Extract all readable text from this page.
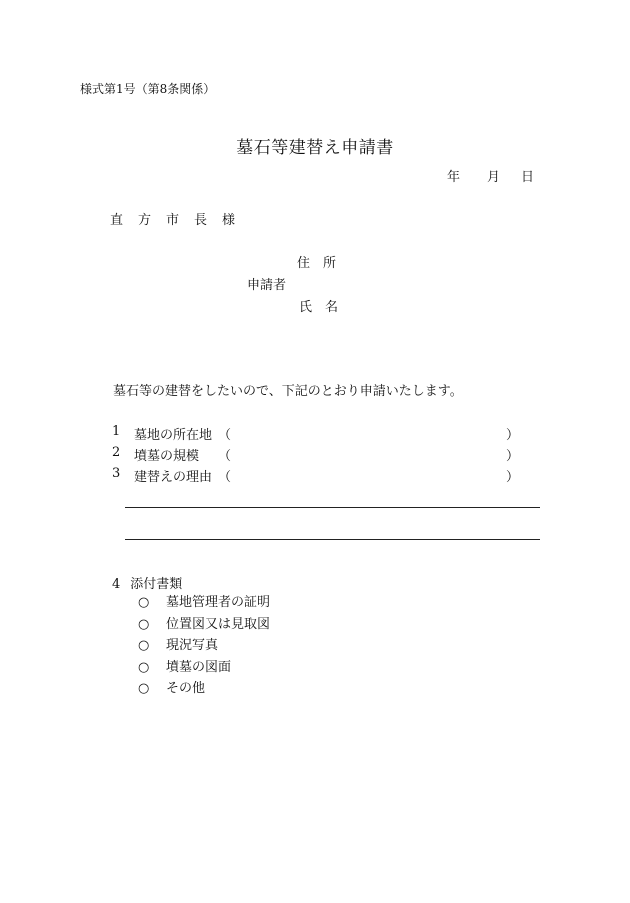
様式第1号（第8条関係）
墓石等建替え申請書
年 月 日
直　方　市　長 様
住　所
申請者
氏　名
墓石等の建替をしたいので、下記のとおり申請いたします。
1 墓地の所在地 （	）
2 墳墓の規模 （	）
3 建替えの理由 （	）
4 添付書類
○ 墓地管理者の証明
○ 位置図又は見取図
○ 現況写真
○ 墳墓の図面
○ その他
